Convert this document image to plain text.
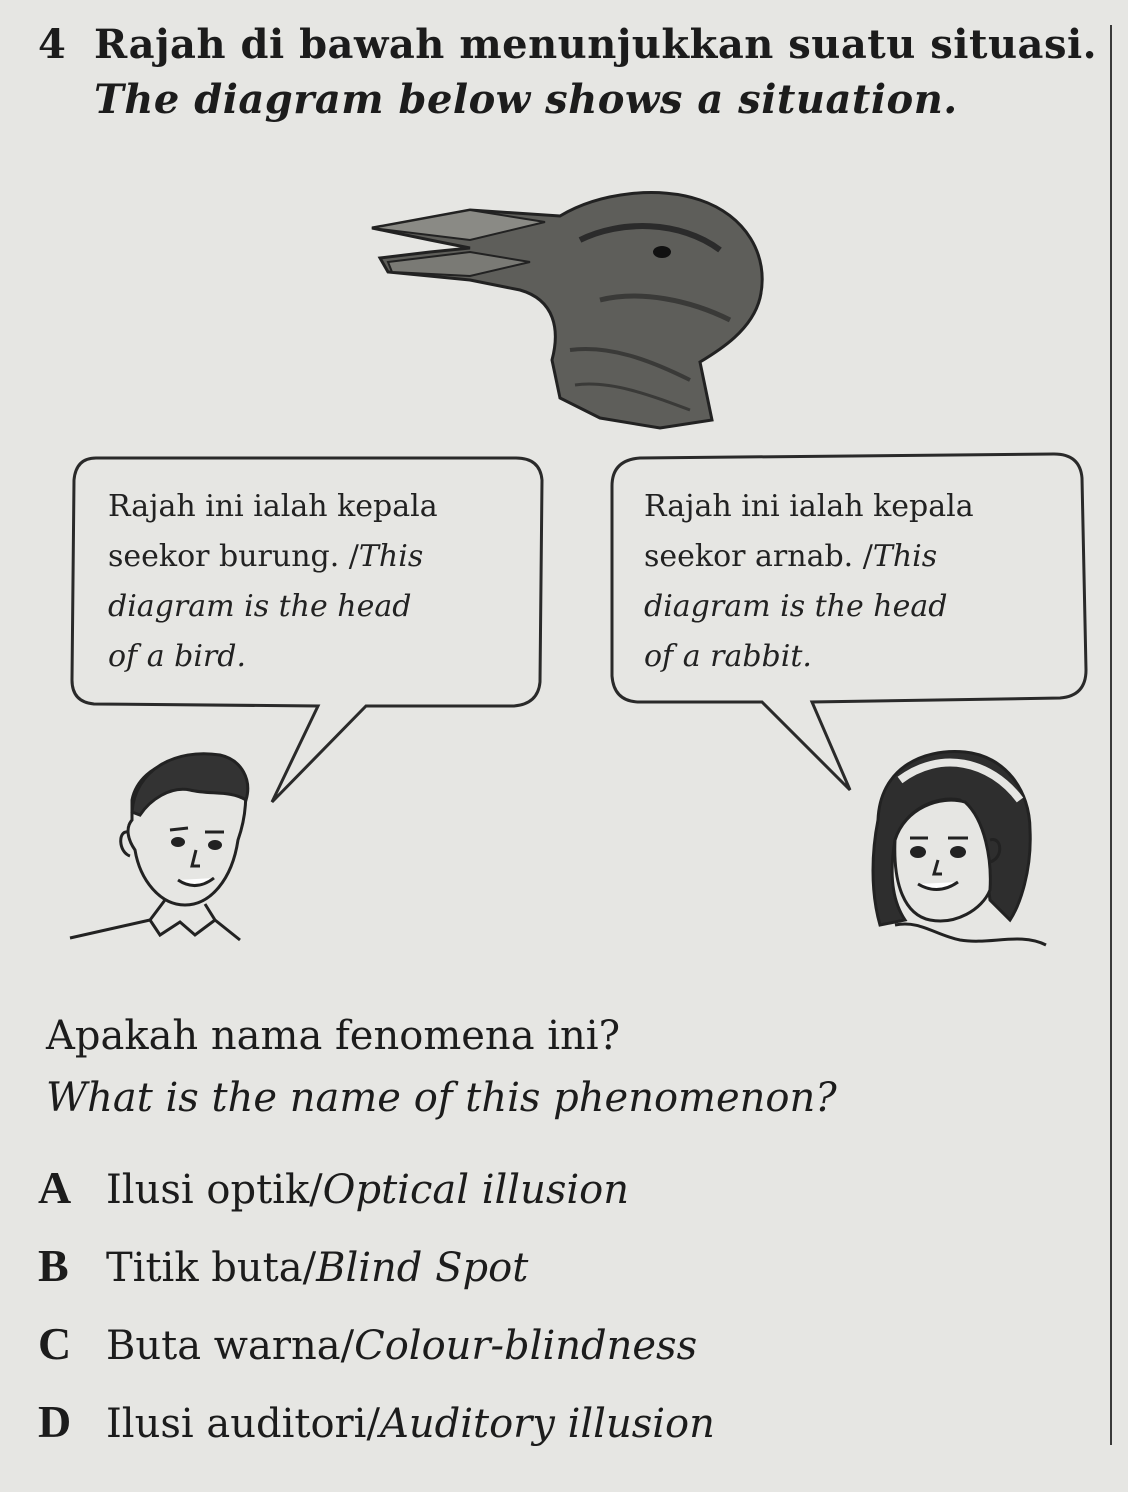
4 Rajah di bawah menunjukkan suatu situasi.
The diagram below shows a situation.
Rajah ini ialah kepala
seekor burung. /This
diagram is the head
of a bird.
Rajah ini ialah kepala
seekor arnab. /This
diagram is the head
of a rabbit.
Apakah nama fenomena ini?
What is the name of this phenomenon?
A Ilusi optik/Optical illusion
B Titik buta/Blind Spot
C Buta warna/Colour-blindness
D Ilusi auditori/Auditory illusion
